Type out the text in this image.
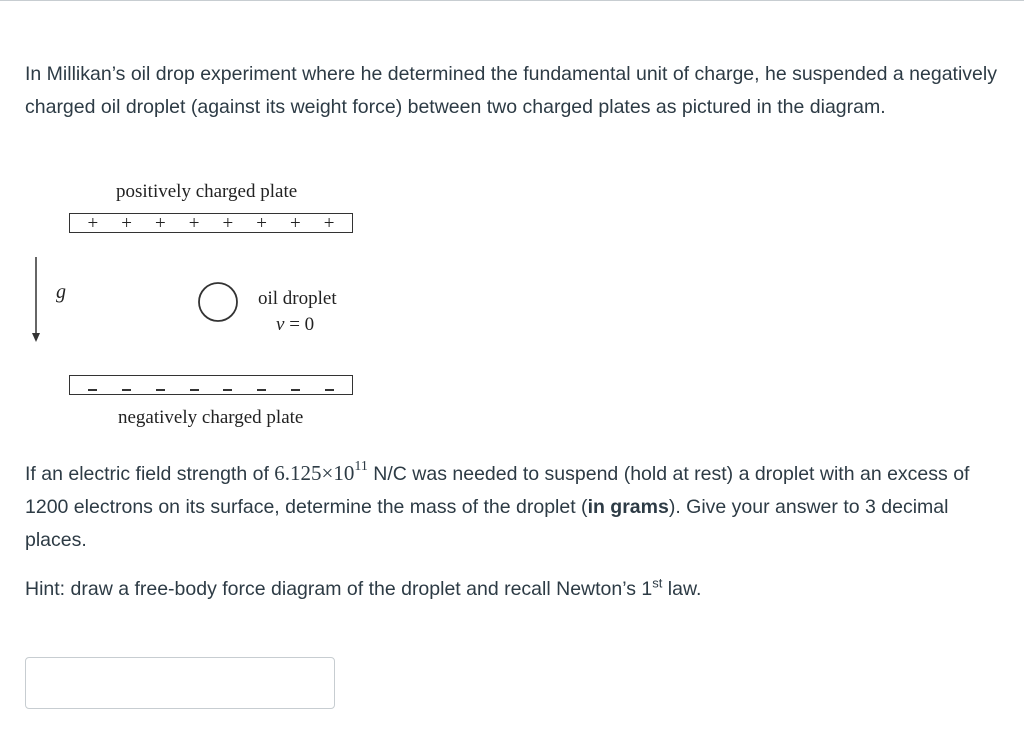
In Millikan’s oil drop experiment where he determined the fundamental unit of charge, he suspended a negatively charged oil droplet (against its weight force) between two charged plates as pictured in the diagram.

positively charged plate
+ + + + + + + +
g	oil droplet
v = 0
negatively charged plate

If an electric field strength of $6.125\times 10^{11}$ N/C was needed to suspend (hold at rest) a droplet with an excess of 1200 electrons on its surface, determine the mass of the droplet (in grams). Give your answer to 3 decimal places.

Hint: draw a free-body force diagram of the droplet and recall Newton’s 1st law.
